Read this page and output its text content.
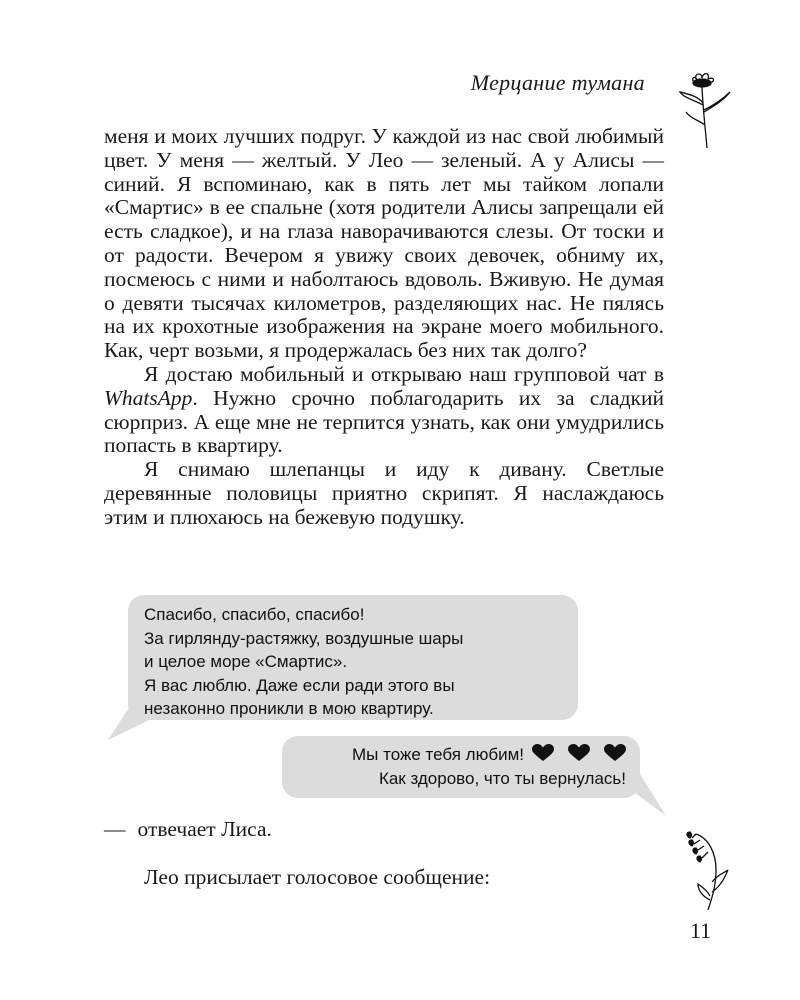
Мерцание тумана

меня и моих лучших подруг. У каждой из нас свой любимый цвет. У меня — желтый. У Лео — зеленый. А у Алисы — синий. Я вспоминаю, как в пять лет мы тайком лопали «Смартис» в ее спальне (хотя родители Алисы запрещали ей есть сладкое), и на глаза наворачиваются слезы. От тоски и от радости. Вечером я увижу своих девочек, обниму их, посмеюсь с ними и наболтаюсь вдоволь. Вживую. Не думая о девяти тысячах километров, разделяющих нас. Не пялясь на их крохотные изображения на экране моего мобильного. Как, черт возьми, я продержалась без них так долго?

Я достаю мобильный и открываю наш групповой чат в WhatsApp. Нужно срочно поблагодарить их за сладкий сюрприз. А еще мне не терпится узнать, как они умудрились попасть в квартиру.

Я снимаю шлепанцы и иду к дивану. Светлые деревянные половицы приятно скрипят. Я наслаждаюсь этим и плюхаюсь на бежевую подушку.

Спасибо, спасибо, спасибо!
За гирлянду-растяжку, воздушные шары
и целое море «Смартис».
Я вас люблю. Даже если ради этого вы
незаконно проникли в мою квартиру.
Мы тоже тебя любим!
Как здорово, что ты вернулась!
— отвечает Лиса.
Лео присылает голосовое сообщение:
11
